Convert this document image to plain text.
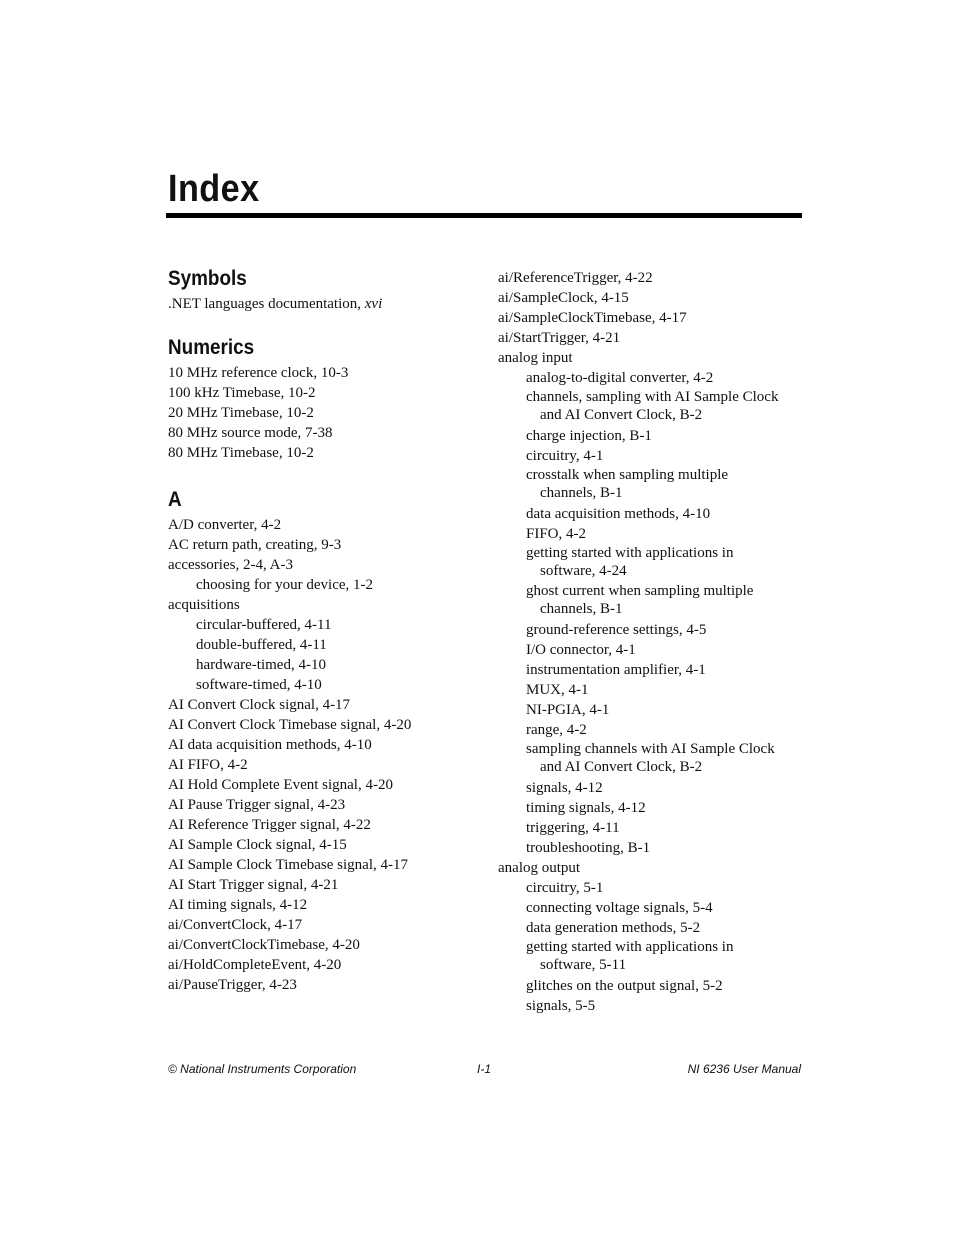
Index
Symbols
.NET languages documentation, xvi
Numerics
10 MHz reference clock, 10-3
100 kHz Timebase, 10-2
20 MHz Timebase, 10-2
80 MHz source mode, 7-38
80 MHz Timebase, 10-2
A
A/D converter, 4-2
AC return path, creating, 9-3
accessories, 2-4, A-3
choosing for your device, 1-2
acquisitions
circular-buffered, 4-11
double-buffered, 4-11
hardware-timed, 4-10
software-timed, 4-10
AI Convert Clock signal, 4-17
AI Convert Clock Timebase signal, 4-20
AI data acquisition methods, 4-10
AI FIFO, 4-2
AI Hold Complete Event signal, 4-20
AI Pause Trigger signal, 4-23
AI Reference Trigger signal, 4-22
AI Sample Clock signal, 4-15
AI Sample Clock Timebase signal, 4-17
AI Start Trigger signal, 4-21
AI timing signals, 4-12
ai/ConvertClock, 4-17
ai/ConvertClockTimebase, 4-20
ai/HoldCompleteEvent, 4-20
ai/PauseTrigger, 4-23
ai/ReferenceTrigger, 4-22
ai/SampleClock, 4-15
ai/SampleClockTimebase, 4-17
ai/StartTrigger, 4-21
analog input
analog-to-digital converter, 4-2
channels, sampling with AI Sample Clock
and AI Convert Clock, B-2
charge injection, B-1
circuitry, 4-1
crosstalk when sampling multiple
channels, B-1
data acquisition methods, 4-10
FIFO, 4-2
getting started with applications in
software, 4-24
ghost current when sampling multiple
channels, B-1
ground-reference settings, 4-5
I/O connector, 4-1
instrumentation amplifier, 4-1
MUX, 4-1
NI-PGIA, 4-1
range, 4-2
sampling channels with AI Sample Clock
and AI Convert Clock, B-2
signals, 4-12
timing signals, 4-12
triggering, 4-11
troubleshooting, B-1
analog output
circuitry, 5-1
connecting voltage signals, 5-4
data generation methods, 5-2
getting started with applications in
software, 5-11
glitches on the output signal, 5-2
signals, 5-5
© National Instruments Corporation	I-1	NI 6236 User Manual
